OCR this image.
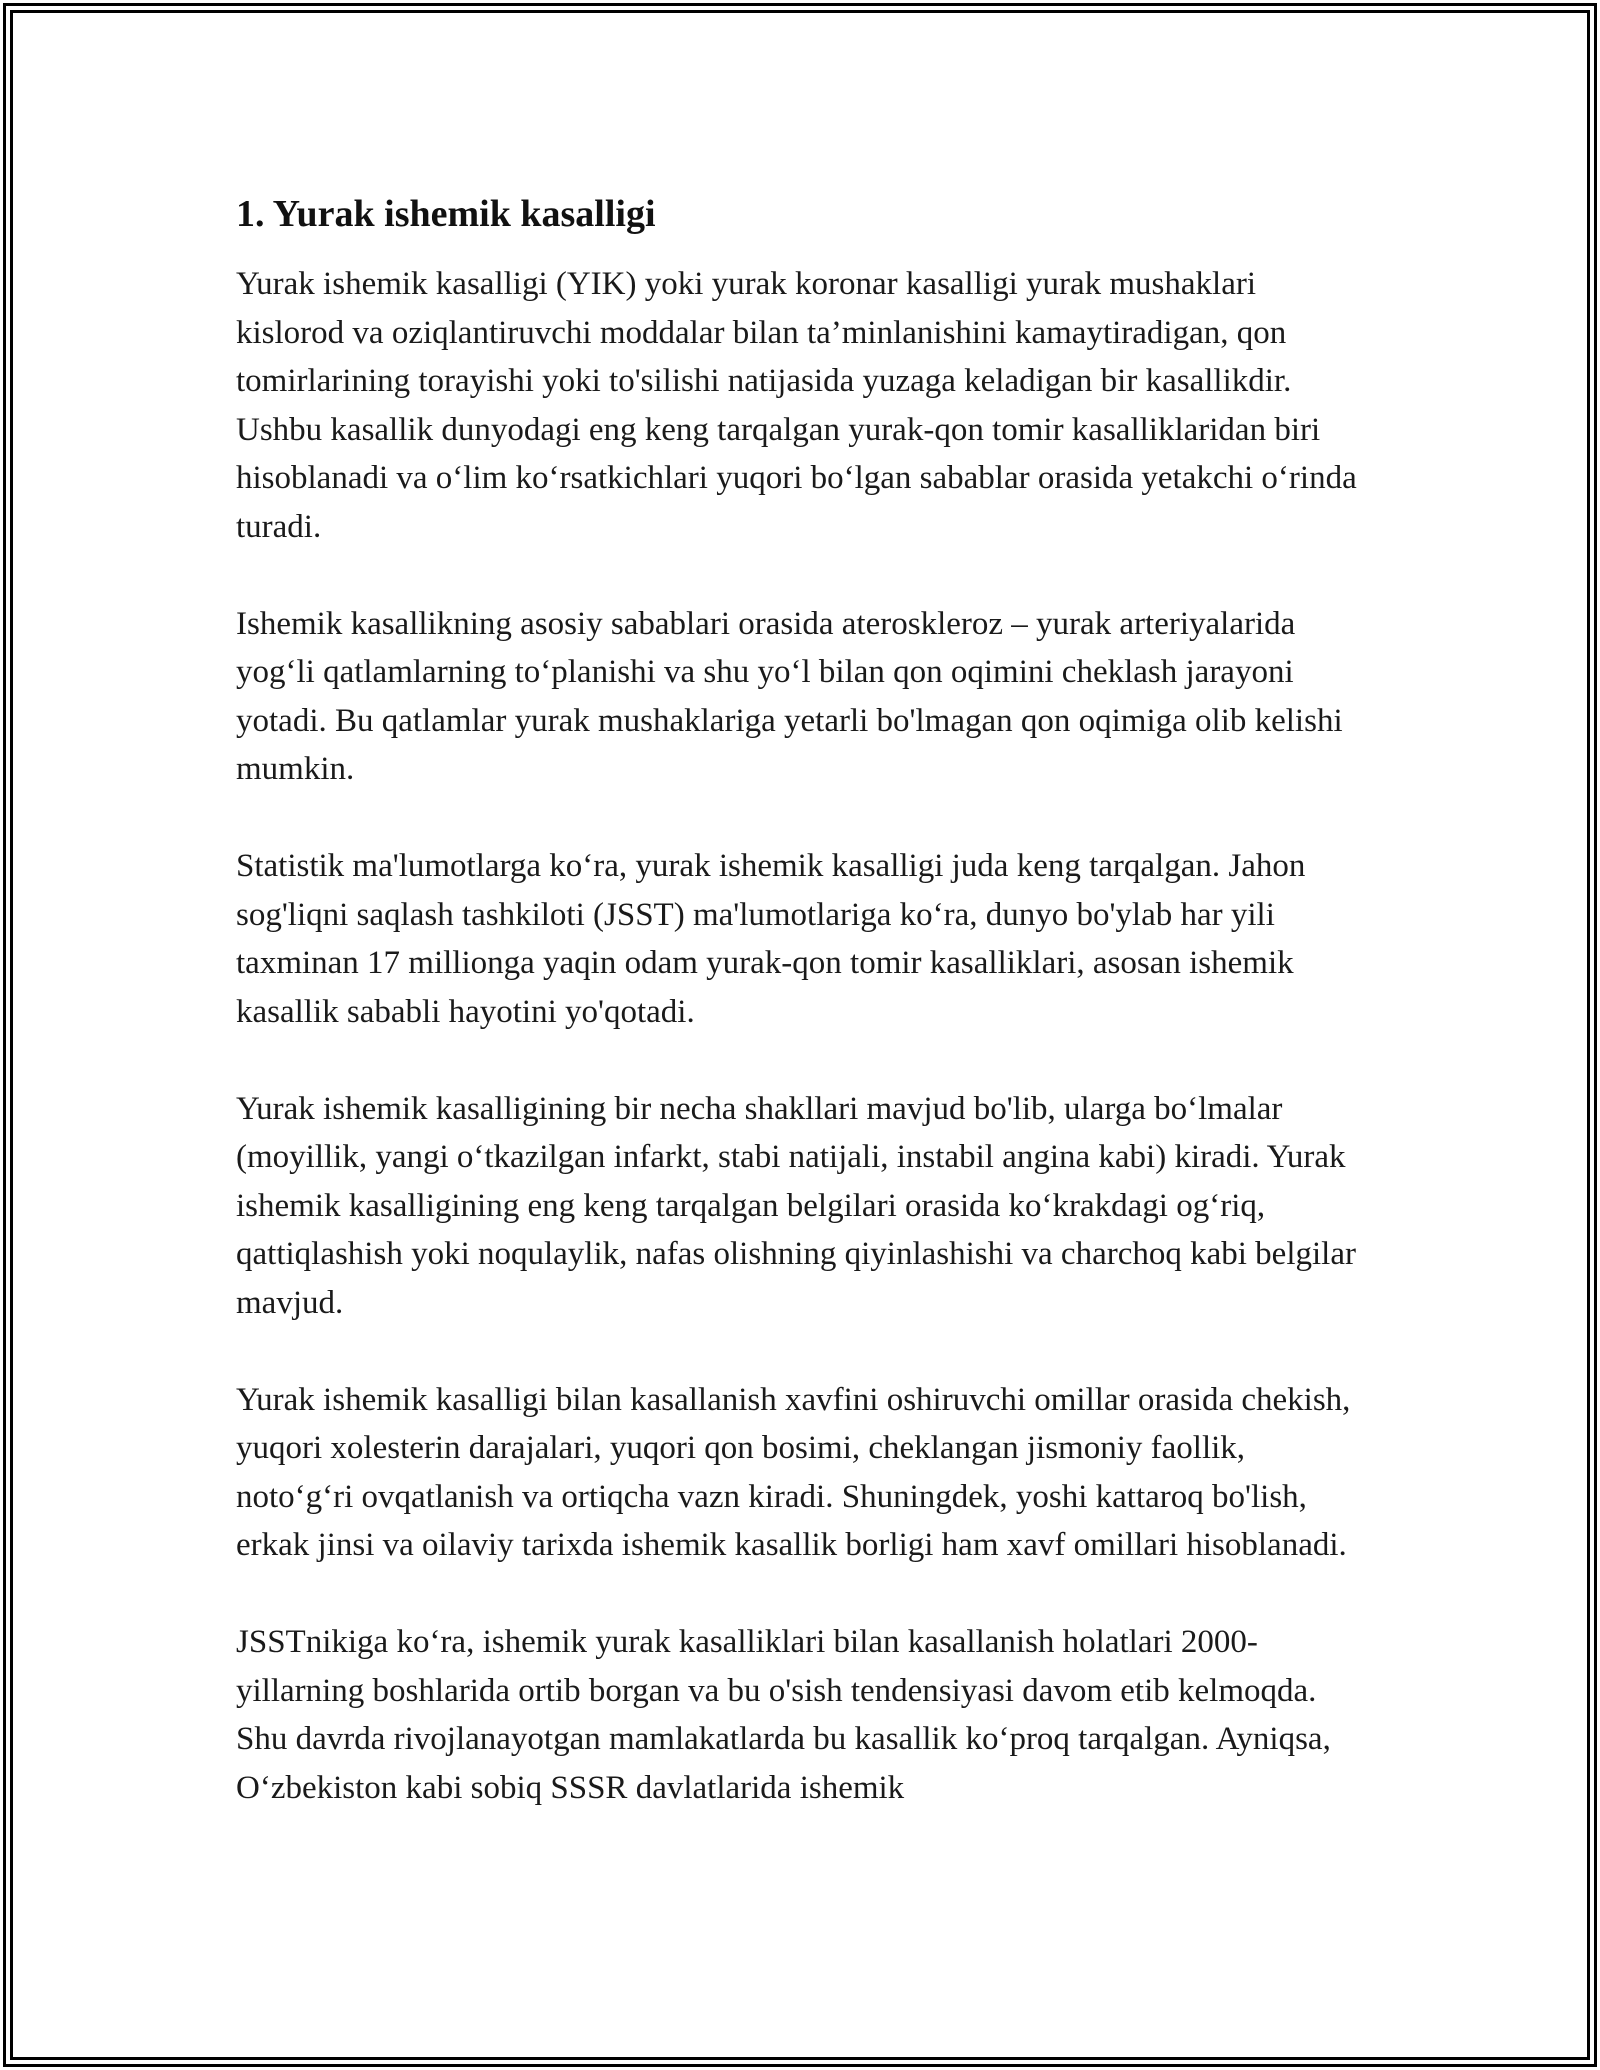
1. Yurak ishemik kasalligi

Yurak ishemik kasalligi (YIK) yoki yurak koronar kasalligi yurak mushaklari kislorod va oziqlantiruvchi moddalar bilan ta’minlanishini kamaytiradigan, qon tomirlarining torayishi yoki to'silishi natijasida yuzaga keladigan bir kasallikdir. Ushbu kasallik dunyodagi eng keng tarqalgan yurak-qon tomir kasalliklaridan biri hisoblanadi va oʻlim koʻrsatkichlari yuqori boʻlgan sabablar orasida yetakchi oʻrinda turadi.

Ishemik kasallikning asosiy sabablari orasida ateroskleroz – yurak arteriyalarida yogʻli qatlamlarning toʻplanishi va shu yoʻl bilan qon oqimini cheklash jarayoni yotadi. Bu qatlamlar yurak mushaklariga yetarli bo'lmagan qon oqimiga olib kelishi mumkin.

Statistik ma'lumotlarga koʻra, yurak ishemik kasalligi juda keng tarqalgan. Jahon sog'liqni saqlash tashkiloti (JSST) ma'lumotlariga koʻra, dunyo bo'ylab har yili taxminan 17 millionga yaqin odam yurak-qon tomir kasalliklari, asosan ishemik kasallik sababli hayotini yo'qotadi.

Yurak ishemik kasalligining bir necha shakllari mavjud bo'lib, ularga boʻlmalar (moyillik, yangi oʻtkazilgan infarkt, stabi natijali, instabil angina kabi) kiradi. Yurak ishemik kasalligining eng keng tarqalgan belgilari orasida koʻkrakdagi ogʻriq, qattiqlashish yoki noqulaylik, nafas olishning qiyinlashishi va charchoq kabi belgilar mavjud.

Yurak ishemik kasalligi bilan kasallanish xavfini oshiruvchi omillar orasida chekish, yuqori xolesterin darajalari, yuqori qon bosimi, cheklangan jismoniy faollik, notoʻgʻri ovqatlanish va ortiqcha vazn kiradi. Shuningdek, yoshi kattaroq bo'lish, erkak jinsi va oilaviy tarixda ishemik kasallik borligi ham xavf omillari hisoblanadi.

JSSTnikiga koʻra, ishemik yurak kasalliklari bilan kasallanish holatlari 2000-yillarning boshlarida ortib borgan va bu o'sish tendensiyasi davom etib kelmoqda. Shu davrda rivojlanayotgan mamlakatlarda bu kasallik koʻproq tarqalgan. Ayniqsa, Oʻzbekiston kabi sobiq SSSR davlatlarida ishemik
